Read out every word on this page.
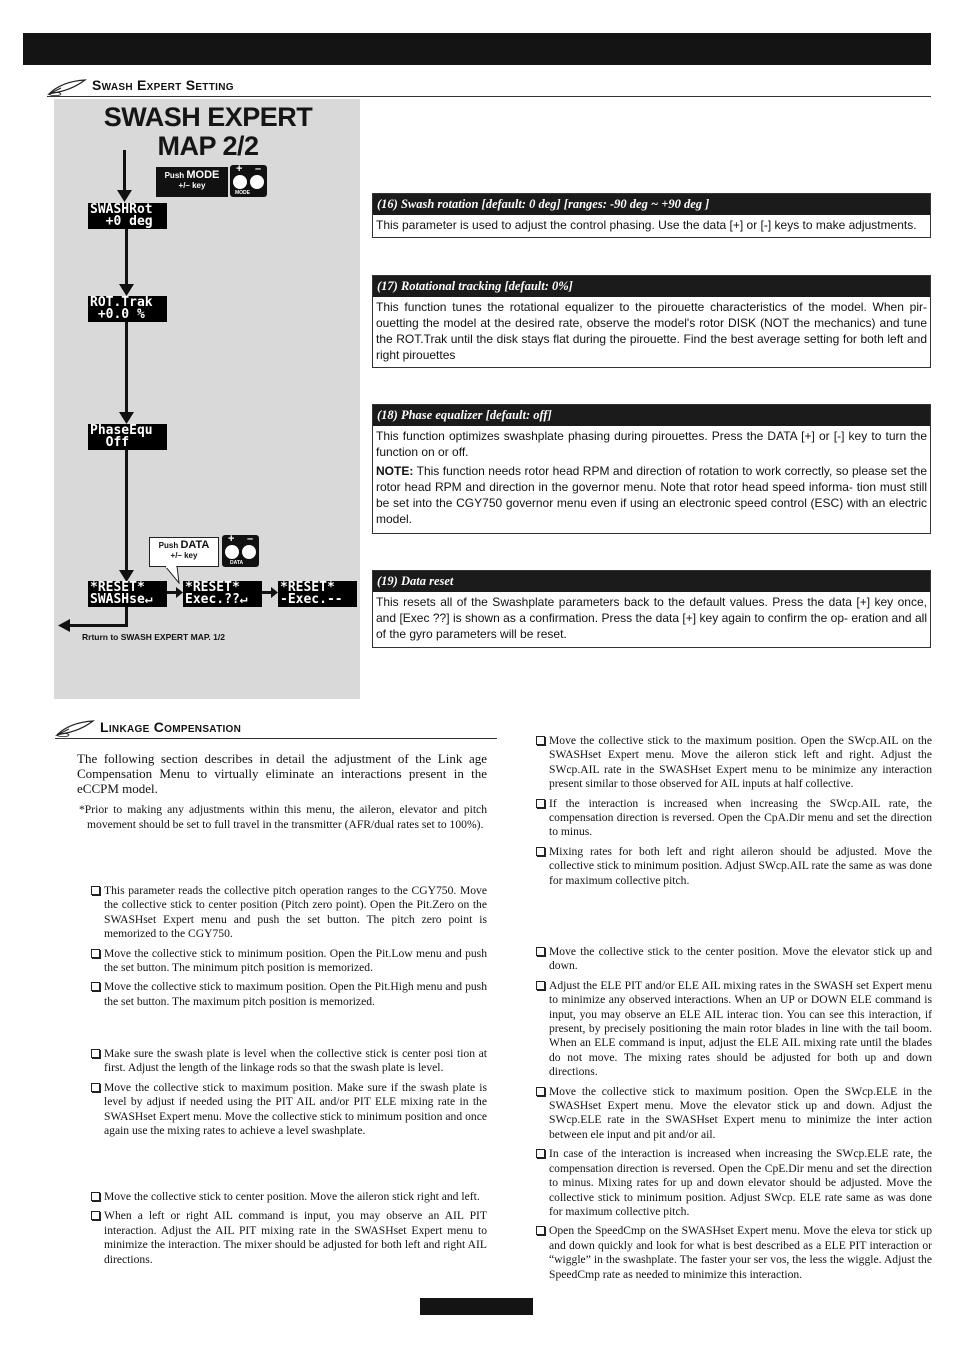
Swash Expert Setting
SWASH EXPERT
MAP 2/2
Push MODE
+/– key
+ –
MODE
SWASHRot
+0 deg
ROT.Trak
+0.0 %
PhaseEqu
Off
*RESET*
SWASHse↵
*RESET*
Exec.??↵
*RESET*
-Exec.--
Push DATA
+/– key
+ –
DATA
Rrturn to SWASH EXPERT MAP. 1/2
(16) Swash rotation [default: 0 deg] [ranges: -90 deg ~ +90 deg ]
This parameter is used to adjust the control phasing. Use the data [+] or [-] keys to make adjustments.
(17) Rotational tracking [default: 0%]
This function tunes the rotational equalizer to the pirouette characteristics of the model. When pir- ouetting the model at the desired rate, observe the model's rotor DISK (NOT the mechanics) and tune the ROT.Trak until the disk stays flat during the pirouette. Find the best average setting for both left and right pirouettes
(18) Phase equalizer [default: off]
This function optimizes swashplate phasing during pirouettes. Press the DATA [+] or [-] key to turn the function on or off.
NOTE: This function needs rotor head RPM and direction of rotation to work correctly, so please set the rotor head RPM and direction in the governor menu. Note that rotor head speed informa- tion must still be set into the CGY750 governor menu even if using an electronic speed control (ESC) with an electric model.
(19) Data reset
This resets all of the Swashplate parameters back to the default values. Press the data [+] key once, and [Exec ??] is shown as a confirmation. Press the data [+] key again to confirm the op- eration and all of the gyro parameters will be reset.
Linkage Compensation
The following section describes in detail the adjustment of the Link age Compensation Menu to virtually eliminate an interactions present in the eCCPM model.
*Prior to making any adjustments within this menu, the aileron, elevator and pitch movement should be set to full travel in the transmitter (AFR/dual rates set to 100%).
This parameter reads the collective pitch operation ranges to the CGY750. Move the collective stick to center position (Pitch zero point). Open the Pit.Zero on the SWASHset Expert menu and push the set button. The pitch zero point is memorized to the CGY750.
Move the collective stick to minimum position. Open the Pit.Low menu and push the set button. The minimum pitch position is memorized.
Move the collective stick to maximum position. Open the Pit.High menu and push the set button. The maximum pitch position is memorized.
Make sure the swash plate is level when the collective stick is center posi tion at first. Adjust the length of the linkage rods so that the swash plate is level.
Move the collective stick to maximum position. Make sure if the swash plate is level by adjust if needed using the PIT AIL and/or PIT ELE mixing rate in the SWASHset Expert menu. Move the collective stick to minimum position and once again use the mixing rates to achieve a level swashplate.
Move the collective stick to center position. Move the aileron stick right and left.
When a left or right AIL command is input, you may observe an AIL PIT interaction. Adjust the AIL PIT mixing rate in the SWASHset Expert menu to minimize the interaction. The mixer should be adjusted for both left and right AIL directions.
Move the collective stick to the maximum position. Open the SWcp.AIL on the SWASHset Expert menu. Move the aileron stick left and right. Adjust the SWcp.AIL rate in the SWASHset Expert menu to be minimize any interaction present similar to those observed for AIL inputs at half collective.
If the interaction is increased when increasing the SWcp.AIL rate, the compensation direction is reversed. Open the CpA.Dir menu and set the direction to minus.
Mixing rates for both left and right aileron should be adjusted. Move the collective stick to minimum position. Adjust SWcp.AIL rate the same as was done for maximum collective pitch.
Move the collective stick to the center position. Move the elevator stick up and down.
Adjust the ELE PIT and/or ELE AIL mixing rates in the SWASH set Expert menu to minimize any observed interactions. When an UP or DOWN ELE command is input, you may observe an ELE AIL interac tion. You can see this interaction, if present, by precisely positioning the main rotor blades in line with the tail boom. When an ELE command is input, adjust the ELE AIL mixing rate until the blades do not move. The mixing rates should be adjusted for both up and down directions.
Move the collective stick to maximum position. Open the SWcp.ELE in the SWASHset Expert menu. Move the elevator stick up and down. Adjust the SWcp.ELE rate in the SWASHset Expert menu to minimize the inter action between ele input and pit and/or ail.
In case of the interaction is increased when increasing the SWcp.ELE rate, the compensation direction is reversed. Open the CpE.Dir menu and set the direction to minus. Mixing rates for up and down elevator should be adjusted. Move the collective stick to minimum position. Adjust SWcp. ELE rate same as was done for maximum collective pitch.
Open the SpeedCmp on the SWASHset Expert menu. Move the eleva tor stick up and down quickly and look for what is best described as a ELE PIT interaction or “wiggle” in the swashplate. The faster your ser vos, the less the wiggle. Adjust the SpeedCmp rate as needed to minimize this interaction.
